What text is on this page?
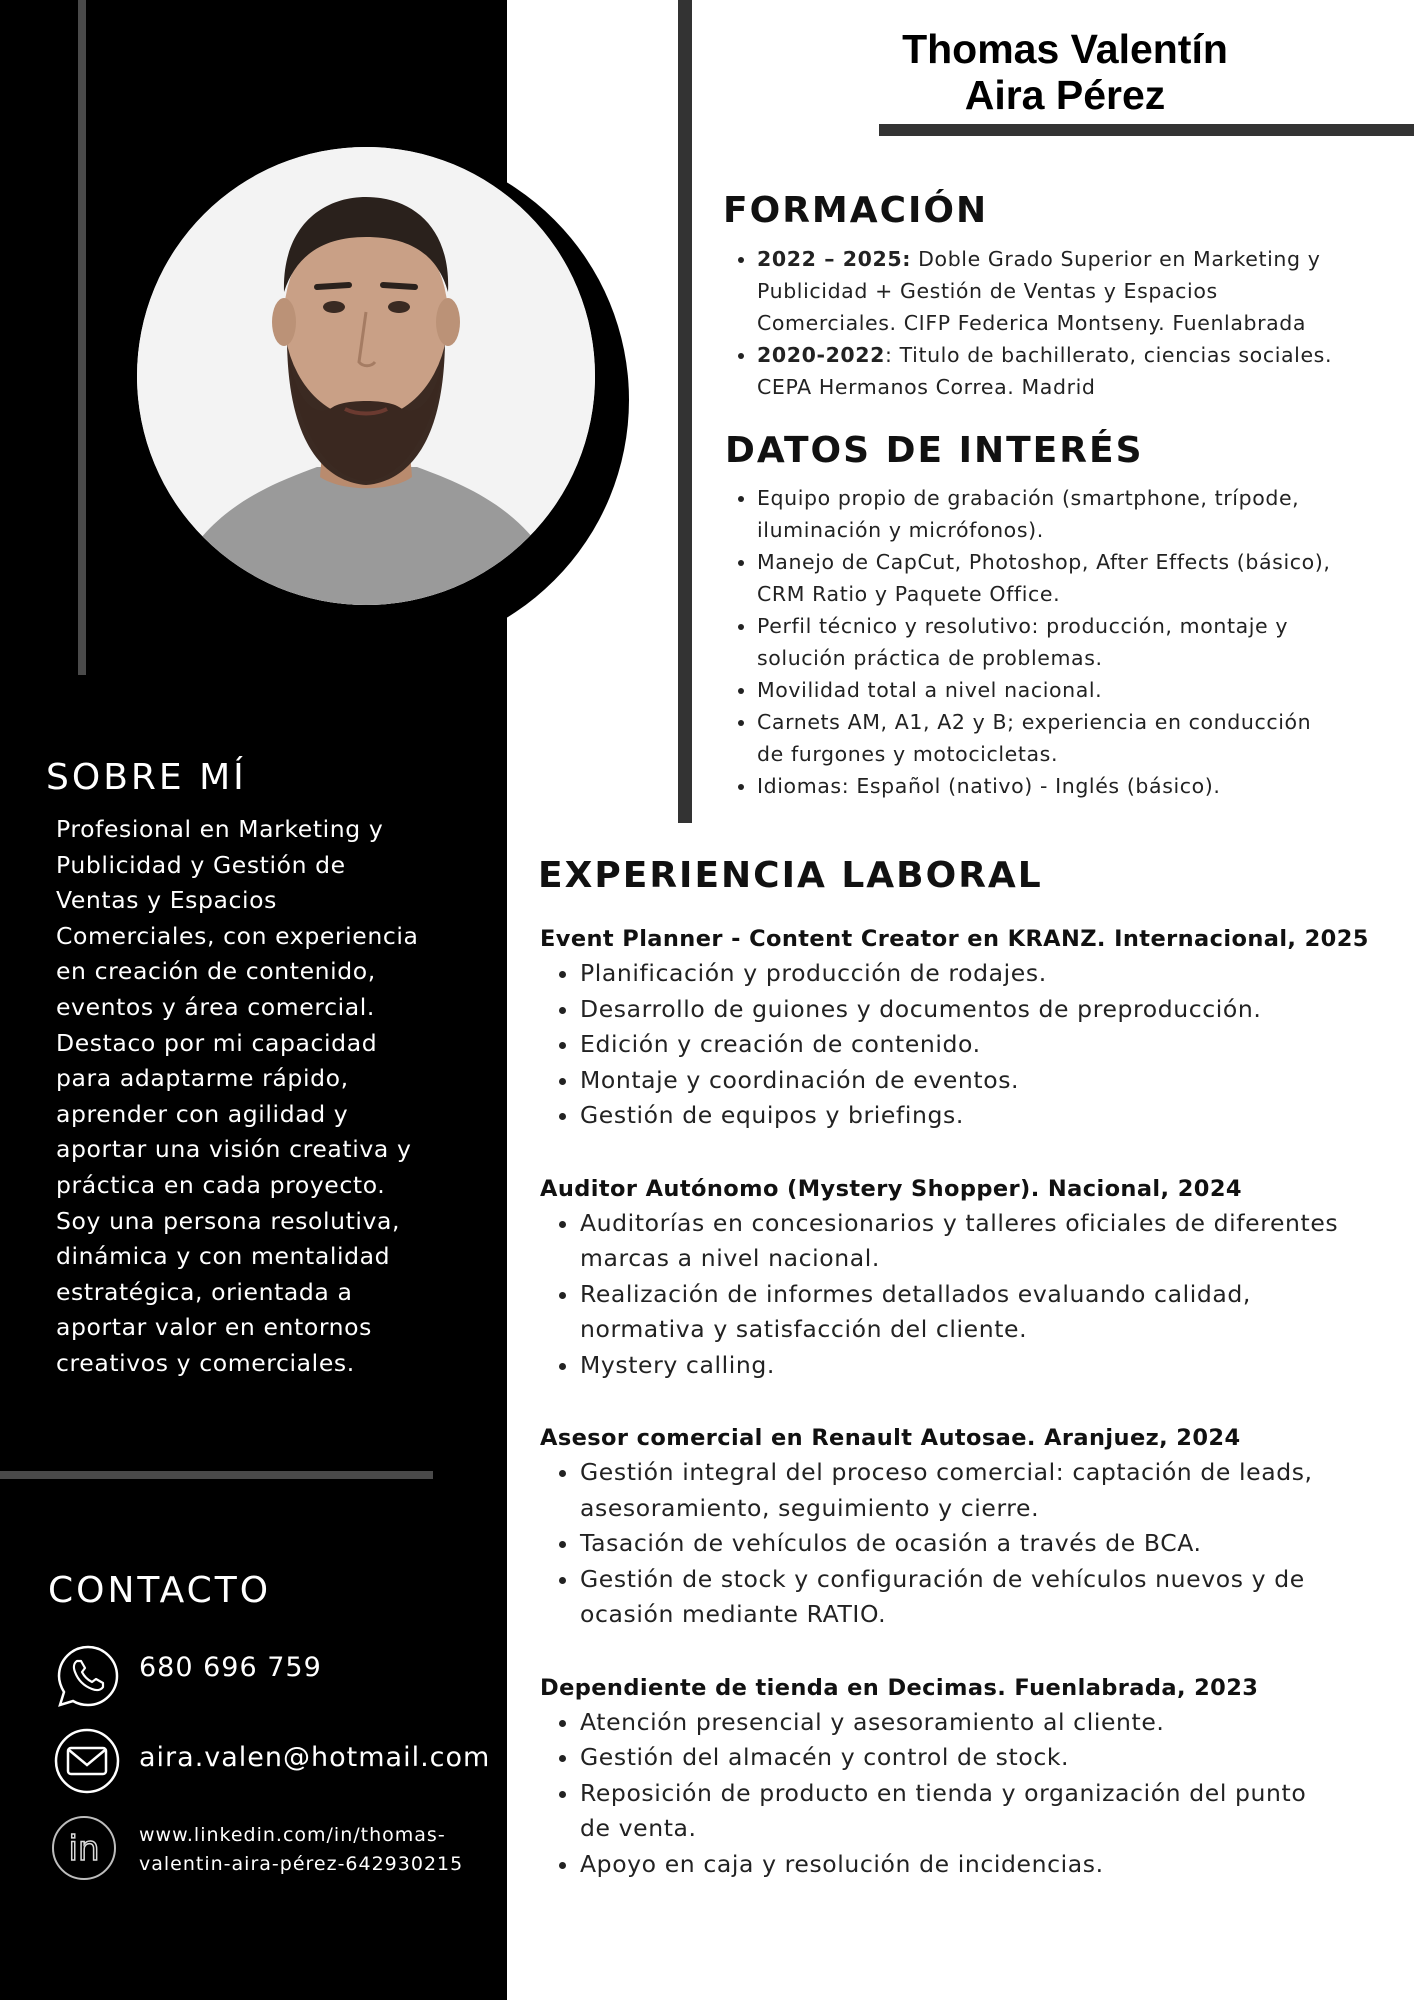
Thomas Valentín
Aira Pérez
FORMACIÓN
• 2022 – 2025: Doble Grado Superior en Marketing y
Publicidad + Gestión de Ventas y Espacios
Comerciales. CIFP Federica Montseny. Fuenlabrada
• 2020-2022: Titulo de bachillerato, ciencias sociales.
CEPA Hermanos Correa. Madrid
DATOS DE INTERÉS
• Equipo propio de grabación (smartphone, trípode,
iluminación y micrófonos).
• Manejo de CapCut, Photoshop, After Effects (básico),
CRM Ratio y Paquete Office.
• Perfil técnico y resolutivo: producción, montaje y
solución práctica de problemas.
• Movilidad total a nivel nacional.
• Carnets AM, A1, A2 y B; experiencia en conducción
de furgones y motocicletas.
• Idiomas: Español (nativo) - Inglés (básico).
EXPERIENCIA LABORAL

Event Planner - Content Creator en KRANZ. Internacional, 2025

• Planificación y producción de rodajes.
• Desarrollo de guiones y documentos de preproducción.
• Edición y creación de contenido.
• Montaje y coordinación de eventos.
• Gestión de equipos y briefings.

Auditor Autónomo (Mystery Shopper). Nacional, 2024

• Auditorías en concesionarios y talleres oficiales de diferentes
marcas a nivel nacional.
• Realización de informes detallados evaluando calidad,
normativa y satisfacción del cliente.
• Mystery calling.

Asesor comercial en Renault Autosae. Aranjuez, 2024

• Gestión integral del proceso comercial: captación de leads,
asesoramiento, seguimiento y cierre.
• Tasación de vehículos de ocasión a través de BCA.
• Gestión de stock y configuración de vehículos nuevos y de
ocasión mediante RATIO.

Dependiente de tienda en Decimas. Fuenlabrada, 2023

• Atención presencial y asesoramiento al cliente.
• Gestión del almacén y control de stock.
• Reposición de producto en tienda y organización del punto
de venta.
• Apoyo en caja y resolución de incidencias.
SOBRE MÍ
Profesional en Marketing y
Publicidad y Gestión de
Ventas y Espacios
Comerciales, con experiencia
en creación de contenido,
eventos y área comercial.
Destaco por mi capacidad
para adaptarme rápido,
aprender con agilidad y
aportar una visión creativa y
práctica en cada proyecto.
Soy una persona resolutiva,
dinámica y con mentalidad
estratégica, orientada a
aportar valor en entornos
creativos y comerciales.
CONTACTO
680 696 759
aira.valen@hotmail.com
in www.linkedin.com/in/thomas-
valentin-aira-pérez-642930215
